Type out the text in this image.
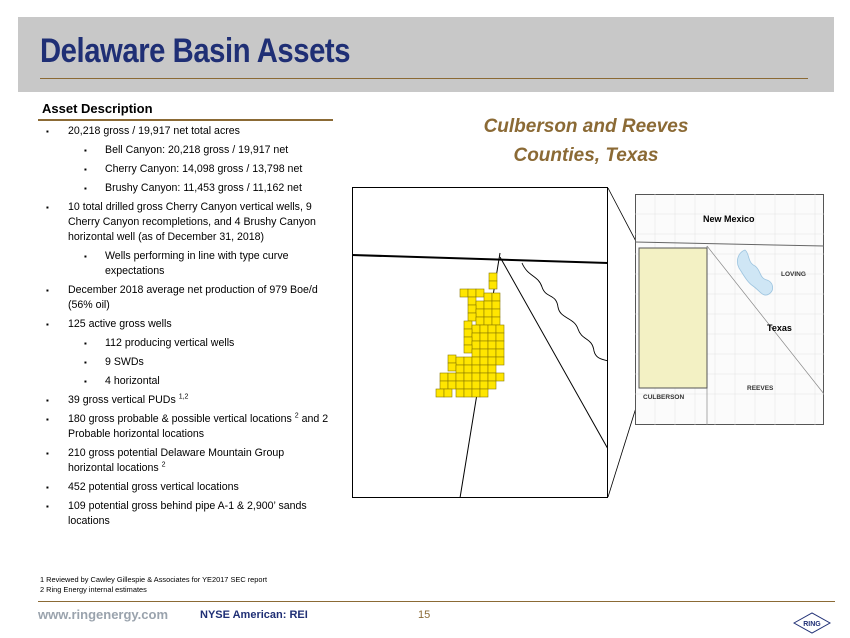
Delaware Basin Assets
Asset Description
▪ 20,218 gross / 19,917 net total acres
▪ Bell Canyon: 20,218 gross / 19,917 net
▪ Cherry Canyon: 14,098 gross / 13,798 net
▪ Brushy Canyon: 11,453 gross / 11,162 net
▪ 10 total drilled gross Cherry Canyon vertical wells, 9 Cherry Canyon recompletions, and 4 Brushy Canyon horizontal well (as of December 31, 2018)
▪ Wells performing in line with type curve expectations
▪ December 2018 average net production of 979 Boe/d (56% oil)
▪ 125 active gross wells
▪ 112 producing vertical wells
▪ 9 SWDs
▪ 4 horizontal
▪ 39 gross vertical PUDs $^{1,2}$
▪ 180 gross probable & possible vertical locations $^2$ and 2 Probable horizontal locations
▪ 210 gross potential Delaware Mountain Group horizontal locations $^2$
▪ 452 potential gross vertical locations
▪ 109 potential gross behind pipe A-1 & 2,900’ sands locations
1 Reviewed by Cawley Gillespie & Associates for YE2017 SEC report
2 Ring Energy internal estimates
Culberson and Reeves
Counties, Texas
New Mexico
LOVING
Texas
REEVES
CULBERSON
www.ringenergy.com	NYSE American: REI	15
RING
